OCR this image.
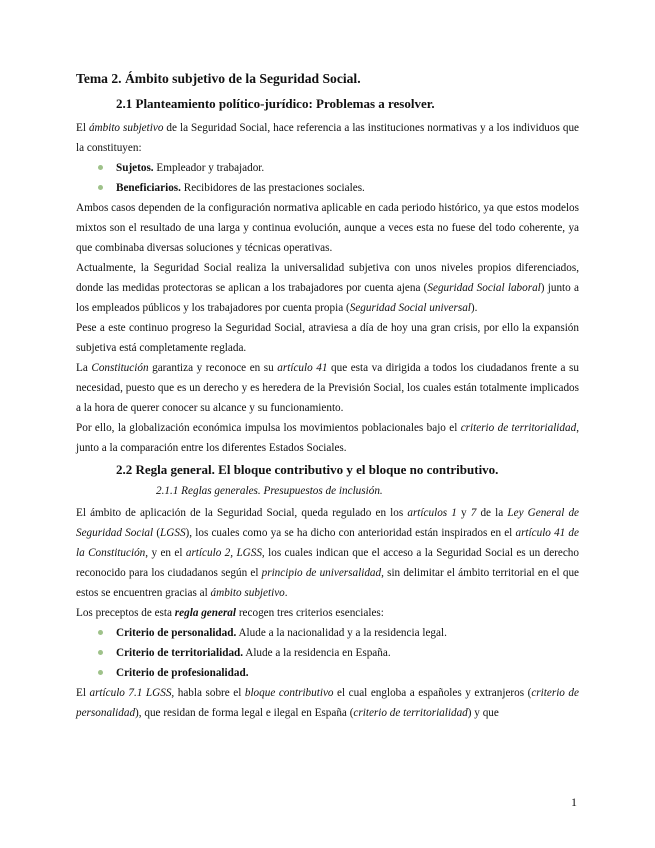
Tema 2. Ámbito subjetivo de la Seguridad Social.
2.1 Planteamiento político-jurídico: Problemas a resolver.

El ámbito subjetivo de la Seguridad Social, hace referencia a las instituciones normativas y a los individuos que la constituyen:

Sujetos. Empleador y trabajador.
Beneficiarios. Recibidores de las prestaciones sociales.

Ambos casos dependen de la configuración normativa aplicable en cada periodo histórico, ya que estos modelos mixtos son el resultado de una larga y continua evolución, aunque a veces esta no fuese del todo coherente, ya que combinaba diversas soluciones y técnicas operativas.

Actualmente, la Seguridad Social realiza la universalidad subjetiva con unos niveles propios diferenciados, donde las medidas protectoras se aplican a los trabajadores por cuenta ajena (Seguridad Social laboral) junto a los empleados públicos y los trabajadores por cuenta propia (Seguridad Social universal).

Pese a este continuo progreso la Seguridad Social, atraviesa a día de hoy una gran crisis, por ello la expansión subjetiva está completamente reglada.

La Constitución garantiza y reconoce en su artículo 41 que esta va dirigida a todos los ciudadanos frente a su necesidad, puesto que es un derecho y es heredera de la Previsión Social, los cuales están totalmente implicados a la hora de querer conocer su alcance y su funcionamiento.

Por ello, la globalización económica impulsa los movimientos poblacionales bajo el criterio de territorialidad, junto a la comparación entre los diferentes Estados Sociales.

2.2 Regla general. El bloque contributivo y el bloque no contributivo.
2.1.1 Reglas generales. Presupuestos de inclusión.

El ámbito de aplicación de la Seguridad Social, queda regulado en los artículos 1 y 7 de la Ley General de Seguridad Social (LGSS), los cuales como ya se ha dicho con anterioridad están inspirados en el artículo 41 de la Constitución, y en el artículo 2, LGSS, los cuales indican que el acceso a la Seguridad Social es un derecho reconocido para los ciudadanos según el principio de universalidad, sin delimitar el ámbito territorial en el que estos se encuentren gracias al ámbito subjetivo.

Los preceptos de esta regla general recogen tres criterios esenciales:

Criterio de personalidad. Alude a la nacionalidad y a la residencia legal.
Criterio de territorialidad. Alude a la residencia en España.
Criterio de profesionalidad.

El artículo 7.1 LGSS, habla sobre el bloque contributivo el cual engloba a españoles y extranjeros (criterio de personalidad), que residan de forma legal e ilegal en España (criterio de territorialidad) y que

1
